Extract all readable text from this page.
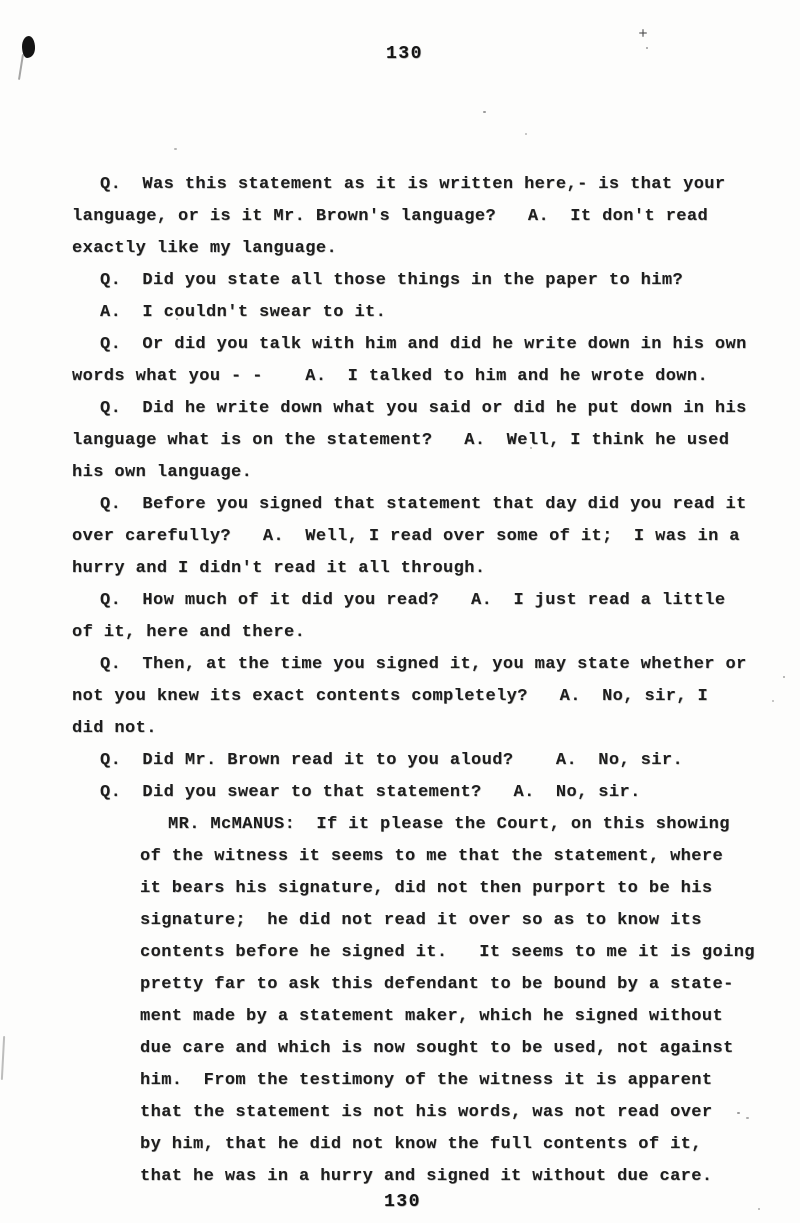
130
Q.  Was this statement as it is written here,- is that your
language, or is it Mr. Brown's language?   A.  It don't read
exactly like my language.
Q.  Did you state all those things in the paper to him?
A.  I couldn't swear to it.
Q.  Or did you talk with him and did he write down in his own
words what you - -    A.  I talked to him and he wrote down.
Q.  Did he write down what you said or did he put down in his
language what is on the statement?   A.  Well, I think he used
his own language.
Q.  Before you signed that statement that day did you read it
over carefully?   A.  Well, I read over some of it;  I was in a
hurry and I didn't read it all through.
Q.  How much of it did you read?   A.  I just read a little
of it, here and there.
Q.  Then, at the time you signed it, you may state whether or
not you knew its exact contents completely?   A.  No, sir, I
did not.
Q.  Did Mr. Brown read it to you aloud?    A.  No, sir.
Q.  Did you swear to that statement?   A.  No, sir.
MR. McMANUS:  If it please the Court, on this showing
of the witness it seems to me that the statement, where
it bears his signature, did not then purport to be his
signature;  he did not read it over so as to know its
contents before he signed it.   It seems to me it is going
pretty far to ask this defendant to be bound by a state-
ment made by a statement maker, which he signed without
due care and which is now sought to be used, not against
him.  From the testimony of the witness it is apparent
that the statement is not his words, was not read over
by him, that he did not know the full contents of it,
that he was in a hurry and signed it without due care.
130
